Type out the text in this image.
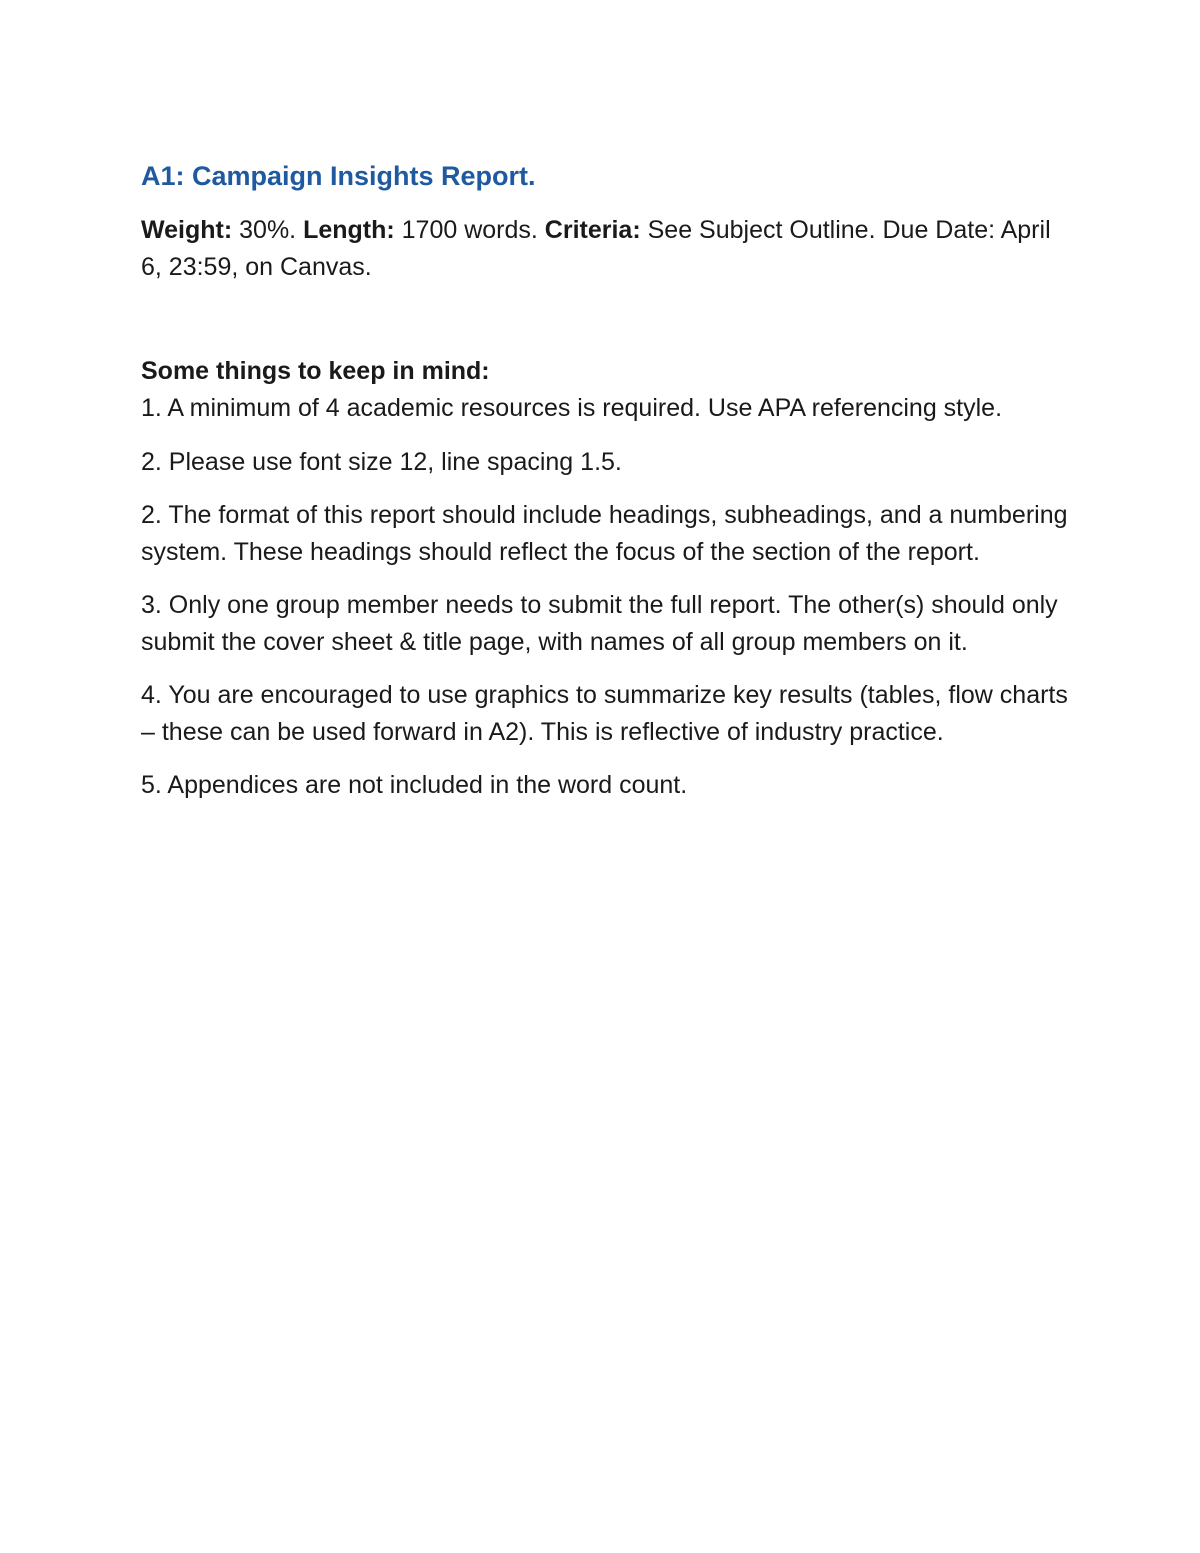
A1: Campaign Insights Report.

Weight: 30%. Length: 1700 words. Criteria: See Subject Outline. Due Date: April 6, 23:59, on Canvas.

Some things to keep in mind:

1. A minimum of 4 academic resources is required. Use APA referencing style.

2. Please use font size 12, line spacing 1.5.

2. The format of this report should include headings, subheadings, and a numbering system. These headings should reflect the focus of the section of the report.

3. Only one group member needs to submit the full report. The other(s) should only submit the cover sheet & title page, with names of all group members on it.

4. You are encouraged to use graphics to summarize key results (tables, flow charts – these can be used forward in A2). This is reflective of industry practice.

5. Appendices are not included in the word count.
